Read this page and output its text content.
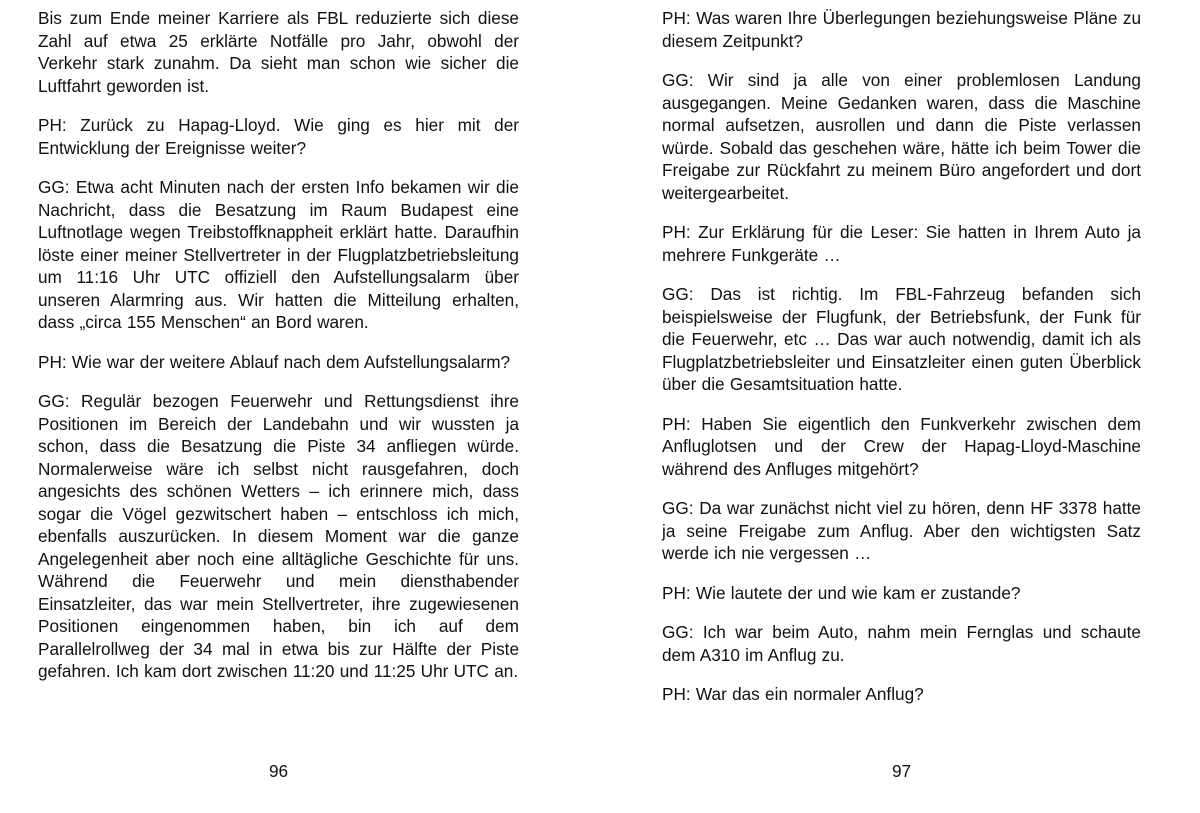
Bis zum Ende meiner Karriere als FBL reduzierte sich diese Zahl auf etwa 25 erklärte Notfälle pro Jahr, obwohl der Verkehr stark zunahm. Da sieht man schon wie sicher die Luftfahrt geworden ist.

PH: Zurück zu Hapag-Lloyd. Wie ging es hier mit der Entwicklung der Ereignisse weiter?

GG: Etwa acht Minuten nach der ersten Info bekamen wir die Nachricht, dass die Besatzung im Raum Budapest eine Luftnotlage wegen Treibstoffknappheit erklärt hatte. Daraufhin löste einer meiner Stellvertreter in der Flugplatzbetriebsleitung um 11:16 Uhr UTC offiziell den Aufstellungsalarm über unseren Alarmring aus. Wir hatten die Mitteilung erhalten, dass „circa 155 Menschen“ an Bord waren.

PH: Wie war der weitere Ablauf nach dem Aufstellungsalarm?

GG: Regulär bezogen Feuerwehr und Rettungsdienst ihre Positionen im Bereich der Landebahn und wir wussten ja schon, dass die Besatzung die Piste 34 anfliegen würde. Normalerweise wäre ich selbst nicht rausgefahren, doch angesichts des schönen Wetters – ich erinnere mich, dass sogar die Vögel gezwitschert haben – entschloss ich mich, ebenfalls auszurücken. In diesem Moment war die ganze Angelegenheit aber noch eine alltägliche Geschichte für uns. Während die Feuerwehr und mein diensthabender Einsatzleiter, das war mein Stellvertreter, ihre zugewiesenen Positionen eingenommen haben, bin ich auf dem Parallelrollweg der 34 mal in etwa bis zur Hälfte der Piste gefahren. Ich kam dort zwischen 11:20 und 11:25 Uhr UTC an.

96

PH: Was waren Ihre Überlegungen beziehungsweise Pläne zu diesem Zeitpunkt?

GG: Wir sind ja alle von einer problemlosen Landung ausgegangen. Meine Gedanken waren, dass die Maschine normal aufsetzen, ausrollen und dann die Piste verlassen würde. Sobald das geschehen wäre, hätte ich beim Tower die Freigabe zur Rückfahrt zu meinem Büro angefordert und dort weitergearbeitet.

PH: Zur Erklärung für die Leser: Sie hatten in Ihrem Auto ja mehrere Funkgeräte …

GG: Das ist richtig. Im FBL-Fahrzeug befanden sich beispielsweise der Flugfunk, der Betriebsfunk, der Funk für die Feuerwehr, etc … Das war auch notwendig, damit ich als Flugplatzbetriebsleiter und Einsatzleiter einen guten Überblick über die Gesamtsituation hatte.

PH: Haben Sie eigentlich den Funkverkehr zwischen dem Anfluglotsen und der Crew der Hapag-Lloyd-Maschine während des Anfluges mitgehört?

GG: Da war zunächst nicht viel zu hören, denn HF 3378 hatte ja seine Freigabe zum Anflug. Aber den wichtigsten Satz werde ich nie vergessen …

PH: Wie lautete der und wie kam er zustande?

GG: Ich war beim Auto, nahm mein Fernglas und schaute dem A310 im Anflug zu.

PH: War das ein normaler Anflug?

97
